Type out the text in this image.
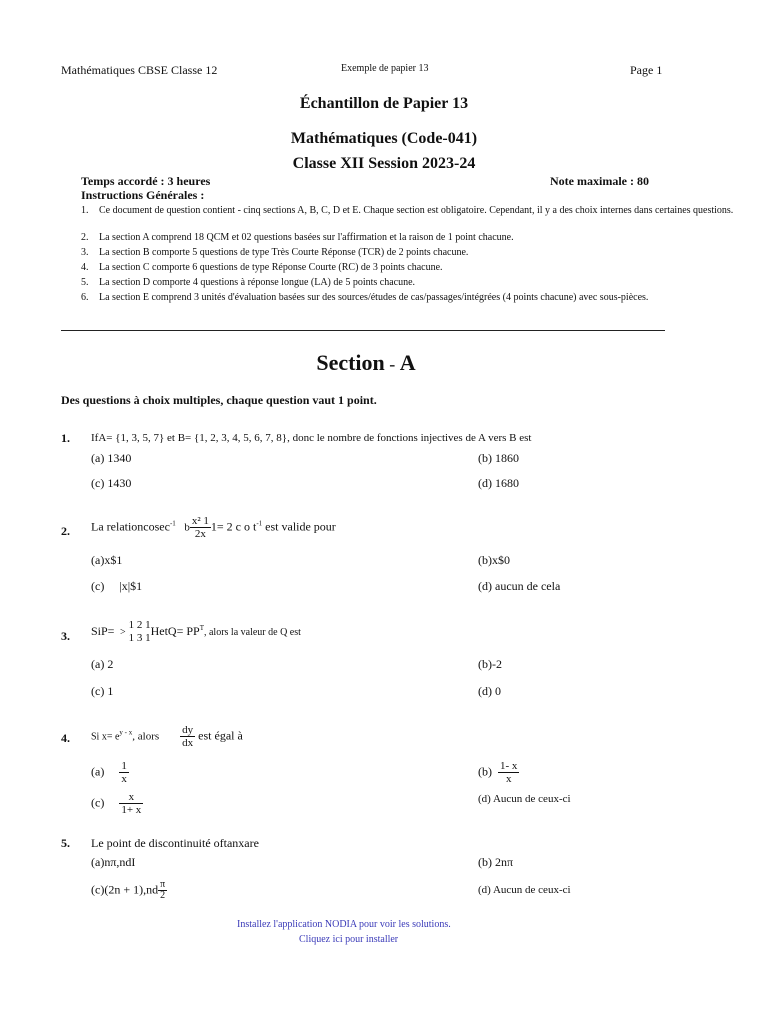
Mathématiques CBSE Classe 12	Exemple de papier 13	Page 1
Échantillon de Papier 13
Mathématiques (Code-041)
Classe XII Session 2023-24
Temps accordé : 3 heures	Note maximale : 80
Instructions Générales :
1. Ce document de question contient - cinq sections A, B, C, D et E. Chaque section est obligatoire. Cependant, il y a des choix internes dans certaines questions.
2. La section A comprend 18 QCM et 02 questions basées sur l'affirmation et la raison de 1 point chacune.
3. La section B comporte 5 questions de type Très Courte Réponse (TCR) de 2 points chacune.
4. La section C comporte 6 questions de type Réponse Courte (RC) de 3 points chacune.
5. La section D comporte 4 questions à réponse longue (LA) de 5 points chacune.
6. La section E comprend 3 unités d'évaluation basées sur des sources/études de cas/passages/intégrées (4 points chacune) avec sous-pièces.
Section - A
Des questions à choix multiples, chaque question vaut 1 point.
1. IfA= {1, 3, 5, 7} et B= {1, 2, 3, 4, 5, 6, 7, 8}, donc le nombre de fonctions injectives de A vers B est
(a) 1340	(b) 1860
(c) 1430	(d) 1680
2. La relationcosec$^{-1}$   b $\frac{\text{x² 1}}{2x} 1= 2$ c o $t^{-1}$ est valide pour
(a)x$1	(b)x$0
(c) |x|$1	(d) aucun de cela
3. SiP=  >
1 2 1
1 3 1
HetQ= $PP^T$, alors la valeur de Q est
(a) 2	(b)-2
(c) 1	(d) 0
4. Si $x= e^{y - x}$, alors $\frac{dy}{dx}$ est égal à
$(a) \frac{1}{x}$	$(b) \frac{1- x}{x}$
$(c) \frac{x}{1+ x}$	(d) Aucun de ceux-ci
5. Le point de discontinuité oftanxare
(a)nπ,ndI	(b) 2nπ
$(c)(2n + 1),nd \frac{\pi}{2}$	(d) Aucun de ceux-ci
Installez l'application NODIA pour voir les solutions.
Cliquez ici pour installer
